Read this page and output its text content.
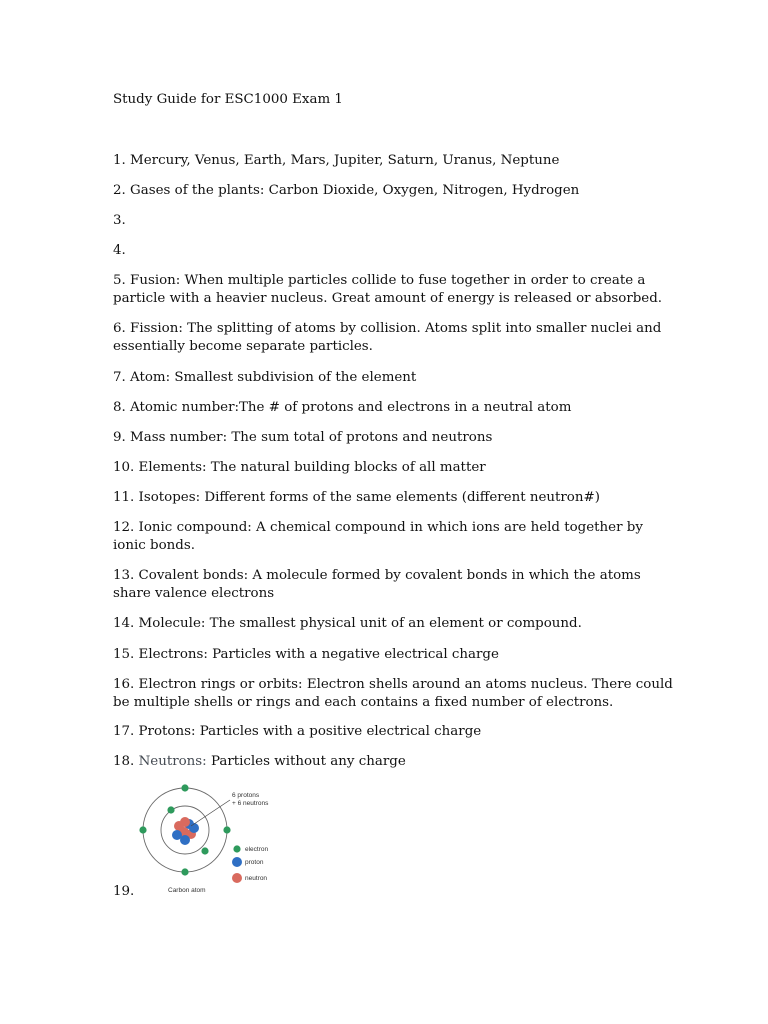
Study Guide for ESC1000 Exam 1
1. Mercury, Venus, Earth, Mars, Jupiter, Saturn, Uranus, Neptune
2. Gases of the plants: Carbon Dioxide, Oxygen, Nitrogen, Hydrogen
3.
4.
5. Fusion: When multiple particles collide to fuse together in order to create a particle with a heavier nucleus. Great amount of energy is released or absorbed.
6. Fission: The splitting of atoms by collision. Atoms split into smaller nuclei and essentially become separate particles.
7. Atom: Smallest subdivision of the element
8. Atomic number:The # of protons and electrons in a neutral atom
9. Mass number: The sum total of protons and neutrons
10. Elements: The natural building blocks of all matter
11. Isotopes: Different forms of the same elements (different neutron#)
12. Ionic compound: A chemical compound in which ions are held together by ionic bonds.
13. Covalent bonds: A molecule formed by covalent bonds in which the atoms share valence electrons
14. Molecule: The smallest physical unit of an element or compound.
15. Electrons: Particles with a negative electrical charge
16. Electron rings or orbits: Electron shells around an atoms nucleus. There could be multiple shells or rings and each contains a fixed number of electrons.
17. Protons: Particles with a positive electrical charge
18. Neutrons: Particles without any charge
19.
6 protons
+ 6 neutrons
Carbon atom
electron
proton
neutron
